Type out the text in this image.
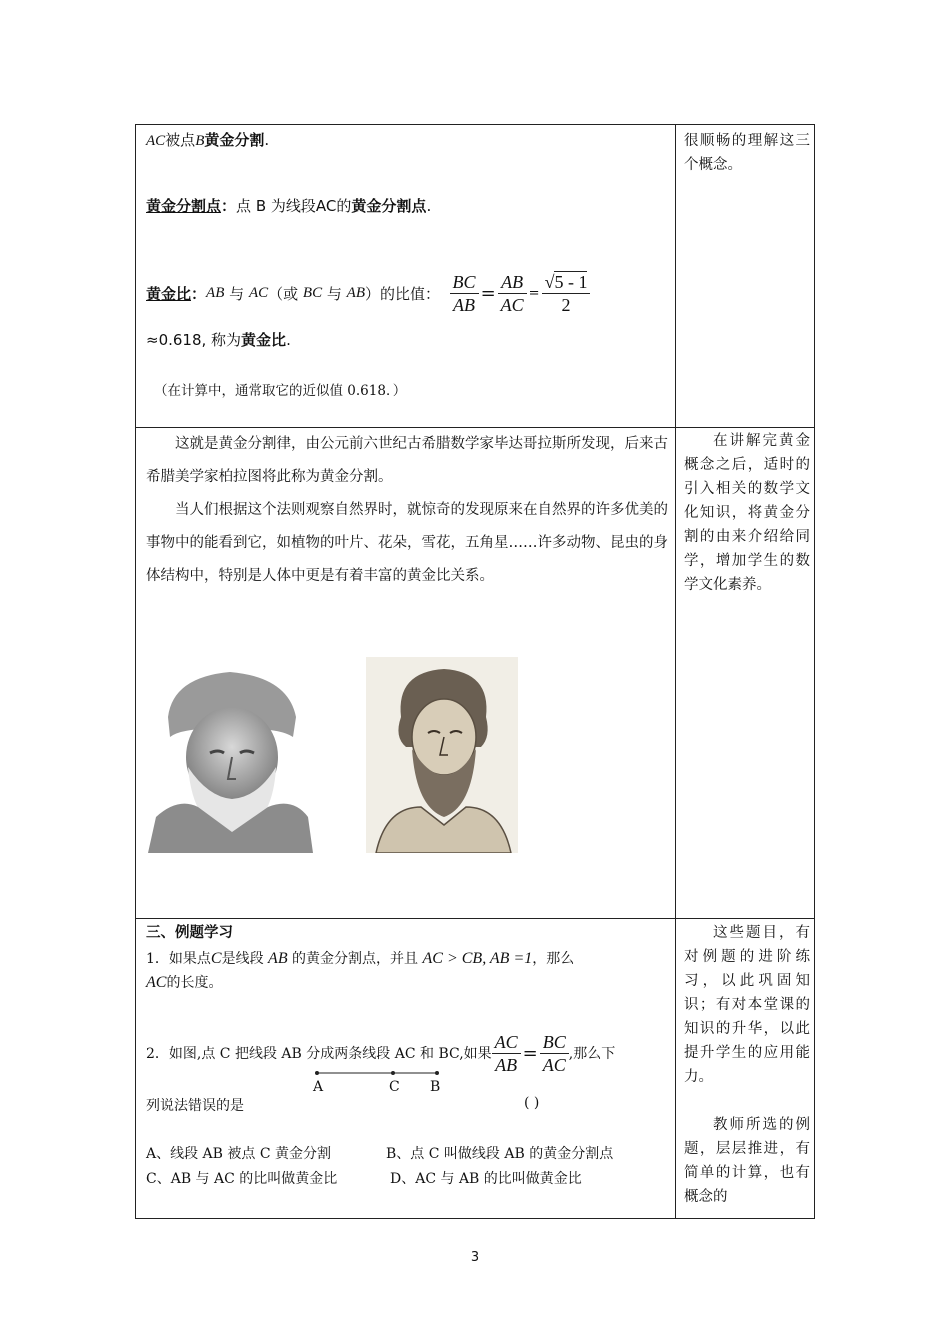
AC被点B黄金分割.
黄金分割点：点 B 为线段AC的黄金分割点.
黄金比 ： AB
与
AC （或
BC
与
AB ）的比值：
$\frac{BC}{AB} = \frac{AB}{AC} = \frac{√5 - 1}{2}$
≈0.618, 称为黄金比.
（在计算中，通常取它的近似值 0.618．）

很顺畅的理解这三个概念。

这就是黄金分割律，由公元前六世纪古希腊数学家毕达哥拉斯所发现，后来古希腊美学家柏拉图将此称为黄金分割。
当人们根据这个法则观察自然界时，就惊奇的发现原来在自然界的许多优美的事物中的能看到它，如植物的叶片、花朵，雪花，五角星……许多动物、昆虫的身体结构中，特别是人体中更是有着丰富的黄金比关系。

在讲解完黄金概念之后，适时的引入相关的数学文化知识，将黄金分割的由来介绍给同学，增加学生的数学文化素养。

三、例题学习
1．如果点C是线段 AB 的黄金分割点，并且 AC > CB, AB =1，那么
AC的长度。
2．如图,点 C 把线段 AB 分成两条线段 AC 和 BC,如果 $\frac{AC}{AB} = \frac{BC}{AC}$ ,那么下
A	C B
列说法错误的是	( )
A、线段 AB 被点 C 黄金分割	B、点 C 叫做线段 AB 的黄金分割点
C、AB 与 AC 的比叫做黄金比	D、AC 与 AB 的比叫做黄金比

这些题目，有对例题的进阶练习，以此巩固知识；有对本堂课的知识的升华，以此提升学生的应用能力。

教师所选的例题，层层推进，有简单的计算，也有概念的

3
